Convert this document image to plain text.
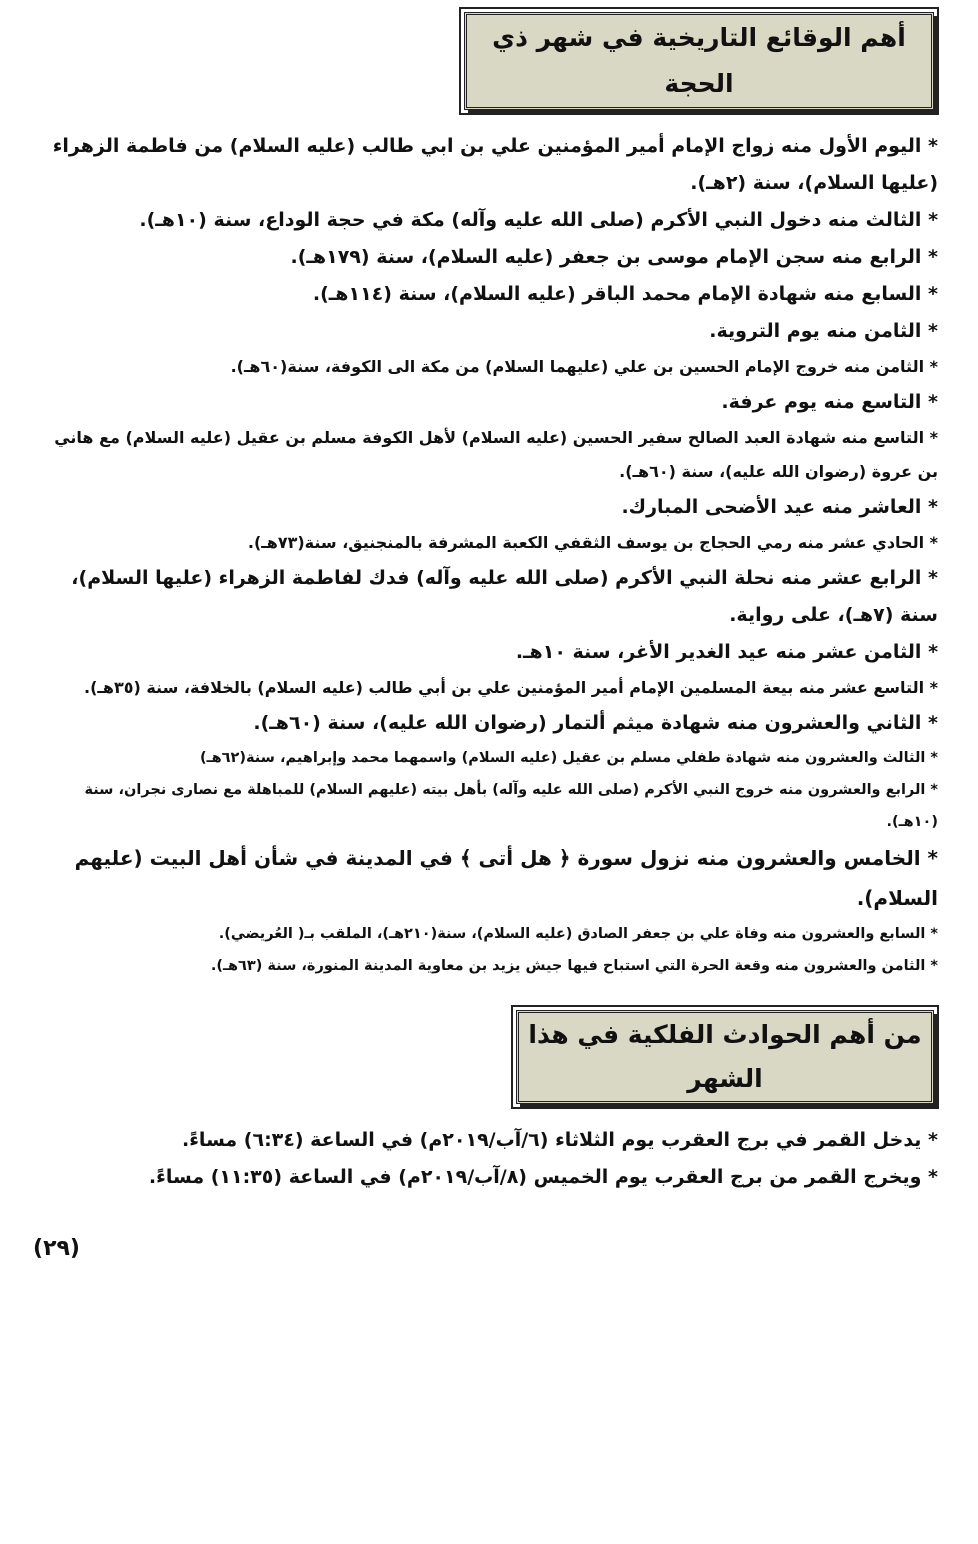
أهم الوقائع التاريخية في شهر ذي الحجة

* اليوم الأول منه زواج الإمام أمير المؤمنين علي بن ابي طالب (عليه السلام) من فاطمة الزهراء (عليها السلام)، سنة (٢هـ).

* الثالث منه دخول النبي الأكرم (صلى الله عليه وآله) مكة في حجة الوداع، سنة (١٠هـ).

* الرابع منه سجن الإمام موسى بن جعفر (عليه السلام)، سنة (١٧٩هـ).

* السابع منه شهادة الإمام محمد الباقر (عليه السلام)، سنة (١١٤هـ).

* الثامن منه يوم التروية.

* الثامن منه خروج الإمام الحسين بن علي (عليهما السلام) من مكة الى الكوفة، سنة(٦٠هـ).

* التاسع منه يوم عرفة.

* التاسع منه شهادة العبد الصالح سفير الحسين (عليه السلام) لأهل الكوفة مسلم بن عقيل (عليه السلام) مع هاني بن عروة (رضوان الله عليه)، سنة (٦٠هـ).

* العاشر منه عيد الأضحى المبارك.

* الحادي عشر منه رمي الحجاج بن يوسف الثقفي الكعبة المشرفة بالمنجنيق، سنة(٧٣هـ).

* الرابع عشر منه نحلة النبي الأكرم (صلى الله عليه وآله) فدك لفاطمة الزهراء (عليها السلام)، سنة (٧هـ)، على رواية.

* الثامن عشر منه عيد الغدير الأغر، سنة ١٠هـ.

* التاسع عشر منه بيعة المسلمين الإمام أمير المؤمنين علي بن أبي طالب (عليه السلام) بالخلافة، سنة (٣٥هـ).

* الثاني والعشرون منه شهادة ميثم ألتمار (رضوان الله عليه)، سنة (٦٠هـ).

* الثالث والعشرون منه شهادة طفلي مسلم بن عقيل (عليه السلام) واسمهما محمد وإبراهيم، سنة(٦٢هـ)

* الرابع والعشرون منه خروج النبي الأكرم (صلى الله عليه وآله) بأهل بيته (عليهم السلام) للمباهلة مع نصارى نجران، سنة (١٠هـ).

* الخامس والعشرون منه نزول سورة ﴿ هل أتى ﴾ في المدينة في شأن أهل البيت (عليهم السلام).

* السابع والعشرون منه وفاة علي بن جعفر الصادق (عليه السلام)، سنة(٢١٠هـ)، الملقب بـ( العُريضي).

* الثامن والعشرون منه وقعة الحرة التي استباح فيها جيش يزيد بن معاوية المدينة المنورة، سنة (٦٣هـ).

من أهم الحوادث الفلكية في هذا الشهر

* يدخل القمر في برج العقرب يوم الثلاثاء (٦/آب/٢٠١٩م) في الساعة (٦:٣٤) مساءً.

* ويخرج القمر من برج العقرب يوم الخميس (٨/آب/٢٠١٩م) في الساعة (١١:٣٥) مساءً.

(٢٩)
